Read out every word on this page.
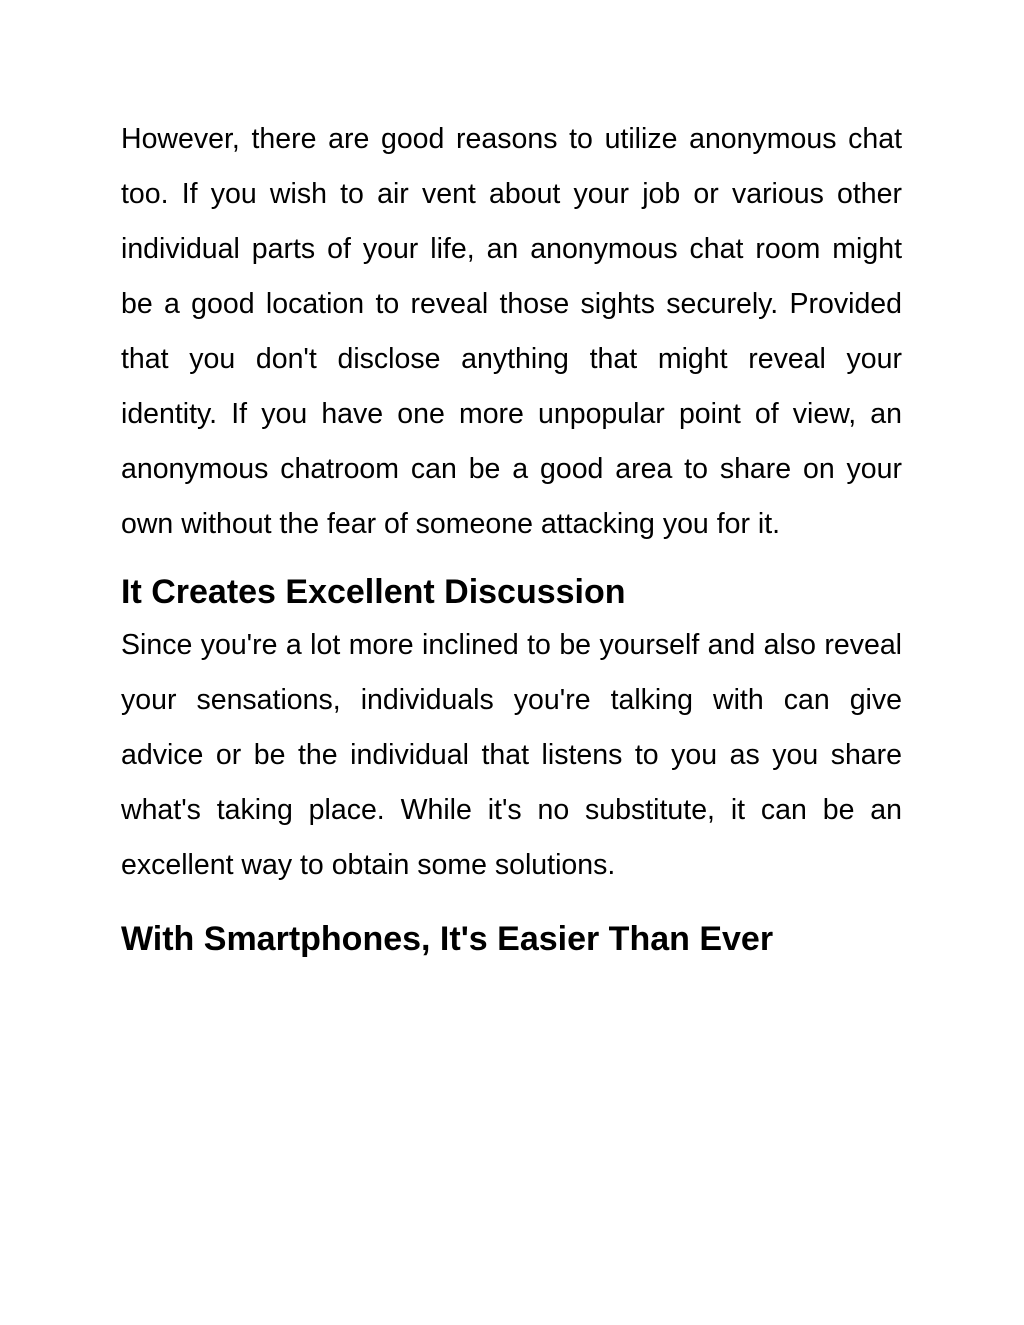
However, there are good reasons to utilize anonymous chat too. If you wish to air vent about your job or various other individual parts of your life, an anonymous chat room might be a good location to reveal those sights securely. Provided that you don't disclose anything that might reveal your identity. If you have one more unpopular point of view, an anonymous chatroom can be a good area to share on your own without the fear of someone attacking you for it.

It Creates Excellent Discussion

Since you're a lot more inclined to be yourself and also reveal your sensations, individuals you're talking with can give advice or be the individual that listens to you as you share what's taking place. While it's no substitute, it can be an excellent way to obtain some solutions.

With Smartphones, It's Easier Than Ever
